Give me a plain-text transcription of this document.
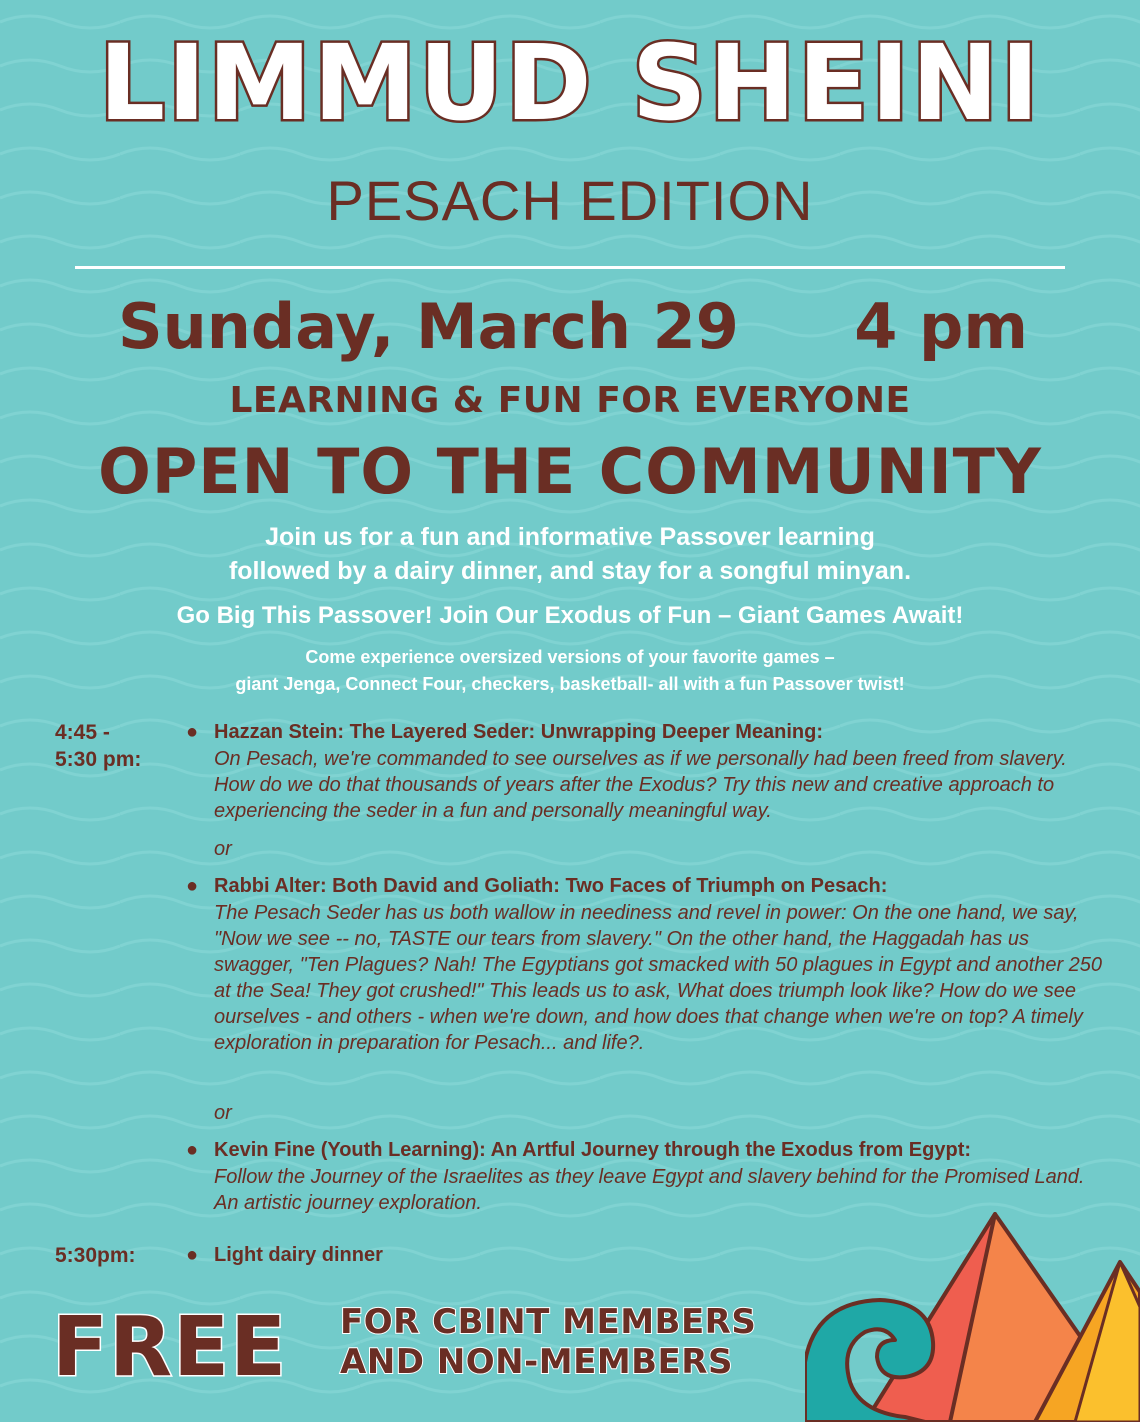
LIMMUD SHEINI
PESACH EDITION
Sunday, March 29 4 pm
LEARNING & FUN FOR EVERYONE
OPEN TO THE COMMUNITY
Join us for a fun and informative Passover learning
followed by a dairy dinner, and stay for a songful minyan.
Go Big This Passover! Join Our Exodus of Fun – Giant Games Await!
Come experience oversized versions of your favorite games –
giant Jenga, Connect Four, checkers, basketball- all with a fun Passover twist!
4:45 -
5:30 pm:
● Hazzan Stein: The Layered Seder: Unwrapping Deeper Meaning:
On Pesach, we're commanded to see ourselves as if we personally had been freed from slavery. How do we do that thousands of years after the Exodus? Try this new and creative approach to experiencing the seder in a fun and personally meaningful way.
or
● Rabbi Alter: Both David and Goliath: Two Faces of Triumph on Pesach:
The Pesach Seder has us both wallow in neediness and revel in power: On the one hand, we say, "Now we see -- no, TASTE our tears from slavery." On the other hand, the Haggadah has us swagger, "Ten Plagues? Nah! The Egyptians got smacked with 50 plagues in Egypt and another 250 at the Sea! They got crushed!" This leads us to ask, What does triumph look like? How do we see ourselves - and others - when we're down, and how does that change when we're on top? A timely exploration in preparation for Pesach... and life?.
or
● Kevin Fine (Youth Learning): An Artful Journey through the Exodus from Egypt:
Follow the Journey of the Israelites as they leave Egypt and slavery behind for the Promised Land. An artistic journey exploration.
5:30pm:	● Light dairy dinner
FREE FOR CBINT MEMBERS
AND NON-MEMBERS
